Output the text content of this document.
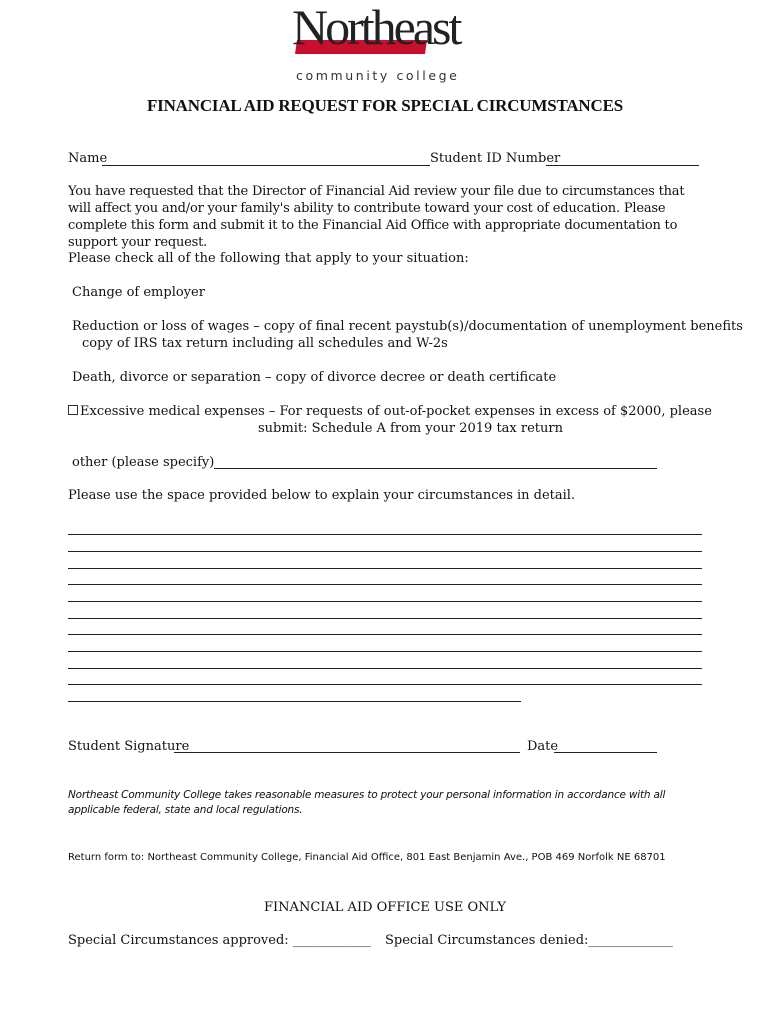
Northeast
community college
FINANCIAL AID REQUEST FOR SPECIAL CIRCUMSTANCES
Name	Student ID Number
You have requested that the Director of Financial Aid review your file due to circumstances that will affect you and/or your family's ability to contribute toward your cost of education. Please complete this form and submit it to the Financial Aid Office with appropriate documentation to support your request.
Please check all of the following that apply to your situation:
Change of employer
Reduction or loss of wages – copy of final recent paystub(s)/documentation of unemployment benefits
copy of IRS tax return including all schedules and W-2s
Death, divorce or separation – copy of divorce decree or death certificate
Excessive medical expenses – For requests of out-of-pocket expenses in excess of $2000, please
submit: Schedule A from your 2019 tax return
other (please specify)
Please use the space provided below to explain your circumstances in detail.
Student Signature	Date
Northeast Community College takes reasonable measures to protect your personal information in accordance with all applicable federal, state and local regulations.
Return form to: Northeast Community College, Financial Aid Office, 801 East Benjamin Ave., POB 469 Norfolk NE 68701
FINANCIAL AID OFFICE USE ONLY
Special Circumstances approved: ____________ Special Circumstances denied:_____________
